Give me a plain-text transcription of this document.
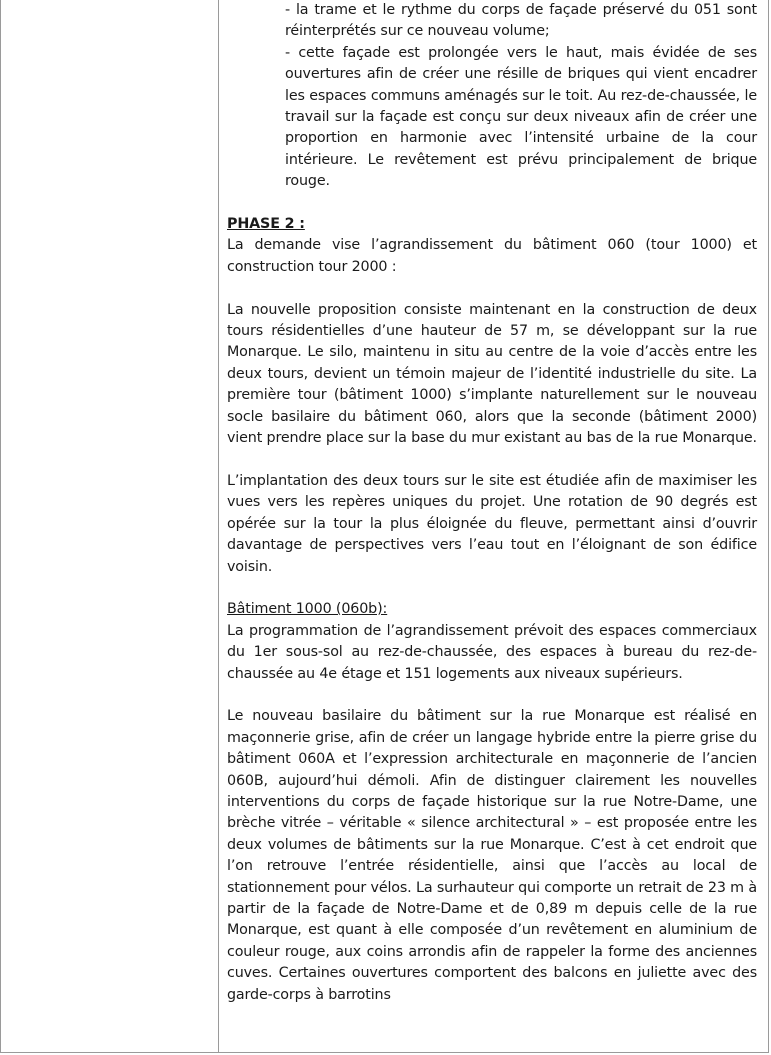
- la trame et le rythme du corps de façade préservé du 051 sont réinterprétés sur ce nouveau volume;

- cette façade est prolongée vers le haut, mais évidée de ses ouvertures afin de créer une résille de briques qui vient encadrer les espaces communs aménagés sur le toit. Au rez-de-chaussée, le travail sur la façade est conçu sur deux niveaux afin de créer une proportion en harmonie avec l’intensité urbaine de la cour intérieure. Le revêtement est prévu principalement de brique rouge.

PHASE 2 :

La demande vise l’agrandissement du bâtiment 060 (tour 1000) et construction tour 2000 :

La nouvelle proposition consiste maintenant en la construction de deux tours résidentielles d’une hauteur de 57 m, se développant sur la rue Monarque. Le silo, maintenu in situ au centre de la voie d’accès entre les deux tours, devient un témoin majeur de l’identité industrielle du site. La première tour (bâtiment 1000) s’implante naturellement sur le nouveau socle basilaire du bâtiment 060, alors que la seconde (bâtiment 2000) vient prendre place sur la base du mur existant au bas de la rue Monarque.

L’implantation des deux tours sur le site est étudiée afin de maximiser les vues vers les repères uniques du projet. Une rotation de 90 degrés est opérée sur la tour la plus éloignée du fleuve, permettant ainsi d’ouvrir davantage de perspectives vers l’eau tout en l’éloignant de son édifice voisin.

Bâtiment 1000 (060b):

La programmation de l’agrandissement prévoit des espaces commerciaux du 1er sous-sol au rez-de-chaussée, des espaces à bureau du rez-de-chaussée au 4e étage et 151 logements aux niveaux supérieurs.

Le nouveau basilaire du bâtiment sur la rue Monarque est réalisé en maçonnerie grise, afin de créer un langage hybride entre la pierre grise du bâtiment 060A et l’expression architecturale en maçonnerie de l’ancien 060B, aujourd’hui démoli. Afin de distinguer clairement les nouvelles interventions du corps de façade historique sur la rue Notre-Dame, une brèche vitrée – véritable « silence architectural » – est proposée entre les deux volumes de bâtiments sur la rue Monarque. C’est à cet endroit que l’on retrouve l’entrée résidentielle, ainsi que l’accès au local de stationnement pour vélos. La surhauteur qui comporte un retrait de 23 m à partir de la façade de Notre-Dame et de 0,89 m depuis celle de la rue Monarque, est quant à elle composée d’un revêtement en aluminium de couleur rouge, aux coins arrondis afin de rappeler la forme des anciennes cuves. Certaines ouvertures comportent des balcons en juliette avec des garde-corps à barrotins
